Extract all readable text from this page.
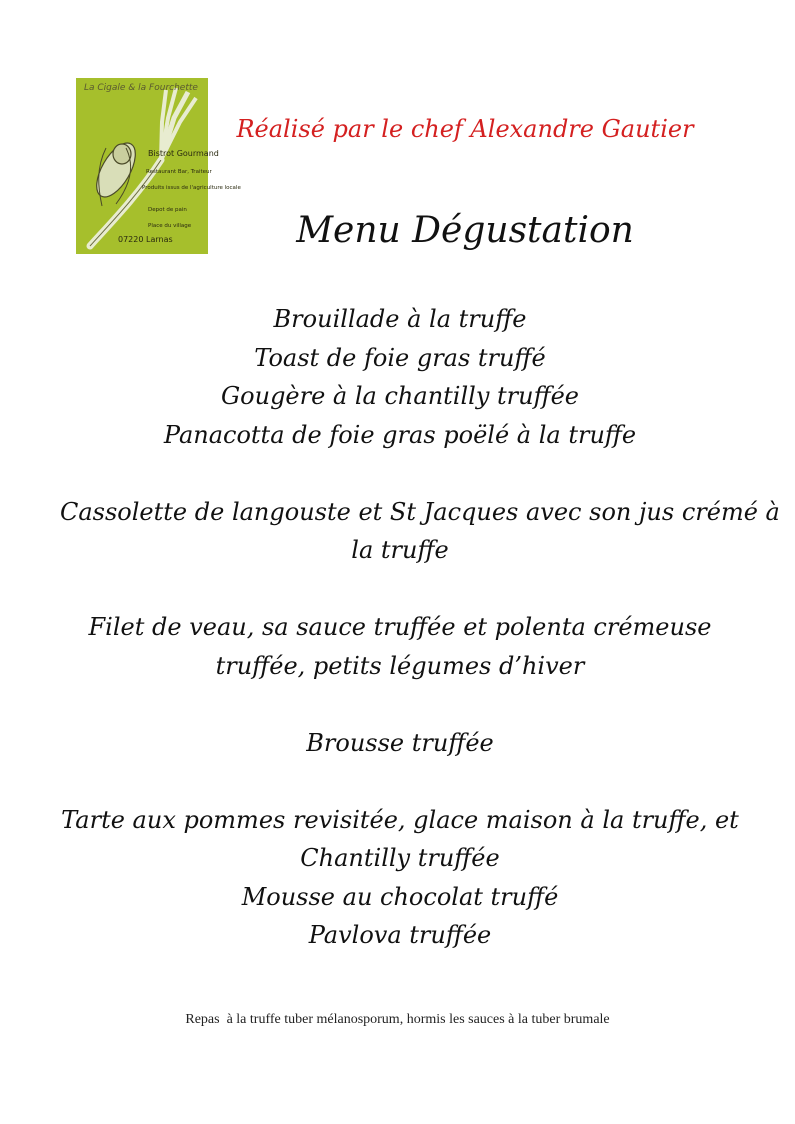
La Cigale & la Fourchette
Bistrot Gourmand
Restaurant Bar, Traiteur
Produits issus de l'agriculture locale
Depot de pain
Place du village
07220 Larnas
Réalisé par le chef Alexandre Gautier
Menu Dégustation
Brouillade à la truffe
Toast de foie gras truffé
Gougère à la chantilly truffée
Panacotta de foie gras poëlé à la truffe
Cassolette de langouste et St Jacques avec son jus crémé à
la truffe
Filet de veau, sa sauce truffée et polenta crémeuse
truffée, petits légumes d’hiver
Brousse truffée
Tarte aux pommes revisitée, glace maison à la truffe, et
Chantilly truffée
Mousse au chocolat truffé
Pavlova truffée
Repas  à la truffe tuber mélanosporum, hormis les sauces à la tuber brumale
